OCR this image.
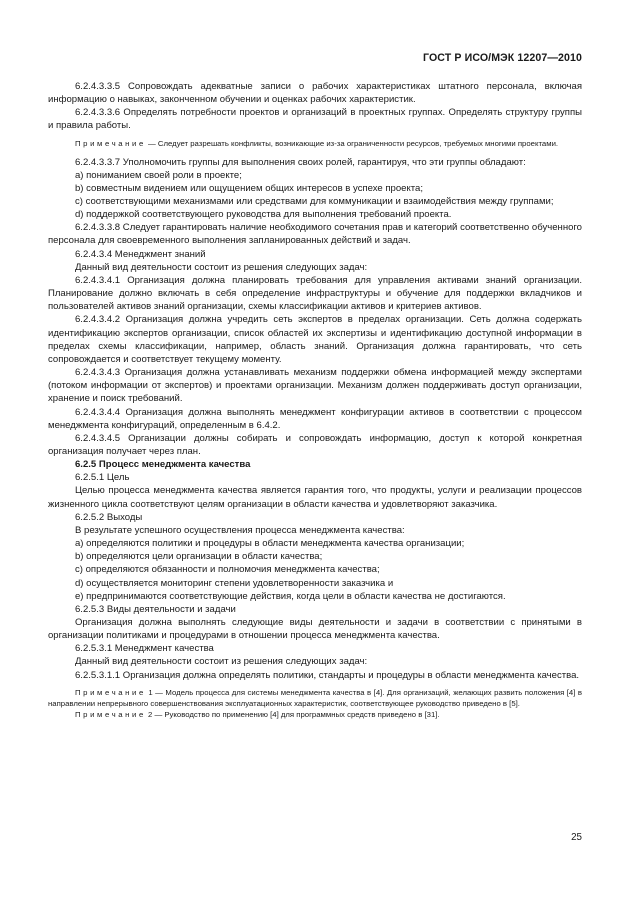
ГОСТ Р ИСО/МЭК 12207—2010

6.2.4.3.3.5 Сопровождать адекватные записи о рабочих характеристиках штатного персонала, включая информацию о навыках, законченном обучении и оценках рабочих характеристик.

6.2.4.3.3.6 Определять потребности проектов и организаций в проектных группах. Определять структуру группы и правила работы.

Примечание — Следует разрешать конфликты, возникающие из-за ограниченности ресурсов, требуемых многими проектами.

6.2.4.3.3.7 Уполномочить группы для выполнения своих ролей, гарантируя, что эти группы обладают:

a) пониманием своей роли в проекте;

b) совместным видением или ощущением общих интересов в успехе проекта;

c) соответствующими механизмами или средствами для коммуникации и взаимодействия между группами;

d) поддержкой соответствующего руководства для выполнения требований проекта.

6.2.4.3.3.8 Следует гарантировать наличие необходимого сочетания прав и категорий соответственно обученного персонала для своевременного выполнения запланированных действий и задач.

6.2.4.3.4 Менеджмент знаний

Данный вид деятельности состоит из решения следующих задач:

6.2.4.3.4.1 Организация должна планировать требования для управления активами знаний организации. Планирование должно включать в себя определение инфраструктуры и обучение для поддержки вкладчиков и пользователей активов знаний организации, схемы классификации активов и критериев активов.

6.2.4.3.4.2 Организация должна учредить сеть экспертов в пределах организации. Сеть должна содержать идентификацию экспертов организации, список областей их экспертизы и идентификацию доступной информации в пределах схемы классификации, например, область знаний. Организация должна гарантировать, что сеть сопровождается и соответствует текущему моменту.

6.2.4.3.4.3 Организация должна устанавливать механизм поддержки обмена информацией между экспертами (потоком информации от экспертов) и проектами организации. Механизм должен поддерживать доступ организации, хранение и поиск требований.

6.2.4.3.4.4 Организация должна выполнять менеджмент конфигурации активов в соответствии с процессом менеджмента конфигураций, определенным в 6.4.2.

6.2.4.3.4.5 Организации должны собирать и сопровождать информацию, доступ к которой конкретная организация получает через план.

6.2.5 Процесс менеджмента качества

6.2.5.1 Цель

Целью процесса менеджмента качества является гарантия того, что продукты, услуги и реализации процессов жизненного цикла соответствуют целям организации в области качества и удовлетворяют заказчика.

6.2.5.2 Выходы

В результате успешного осуществления процесса менеджмента качества:

a) определяются политики и процедуры в области менеджмента качества организации;

b) определяются цели организации в области качества;

c) определяются обязанности и полномочия менеджмента качества;

d) осуществляется мониторинг степени удовлетворенности заказчика и

e) предпринимаются соответствующие действия, когда цели в области качества не достигаются.

6.2.5.3 Виды деятельности и задачи

Организация должна выполнять следующие виды деятельности и задачи в соответствии с принятыми в организации политиками и процедурами в отношении процесса менеджмента качества.

6.2.5.3.1 Менеджмент качества

Данный вид деятельности состоит из решения следующих задач:

6.2.5.3.1.1 Организация должна определять политики, стандарты и процедуры в области менеджмента качества.

Примечание 1 — Модель процесса для системы менеджмента качества в [4]. Для организаций, желающих развить положения [4] в направлении непрерывного совершенствования эксплуатационных характеристик, соответствующее руководство приведено в [5].

Примечание 2 — Руководство по применению [4] для программных средств приведено в [31].

25
